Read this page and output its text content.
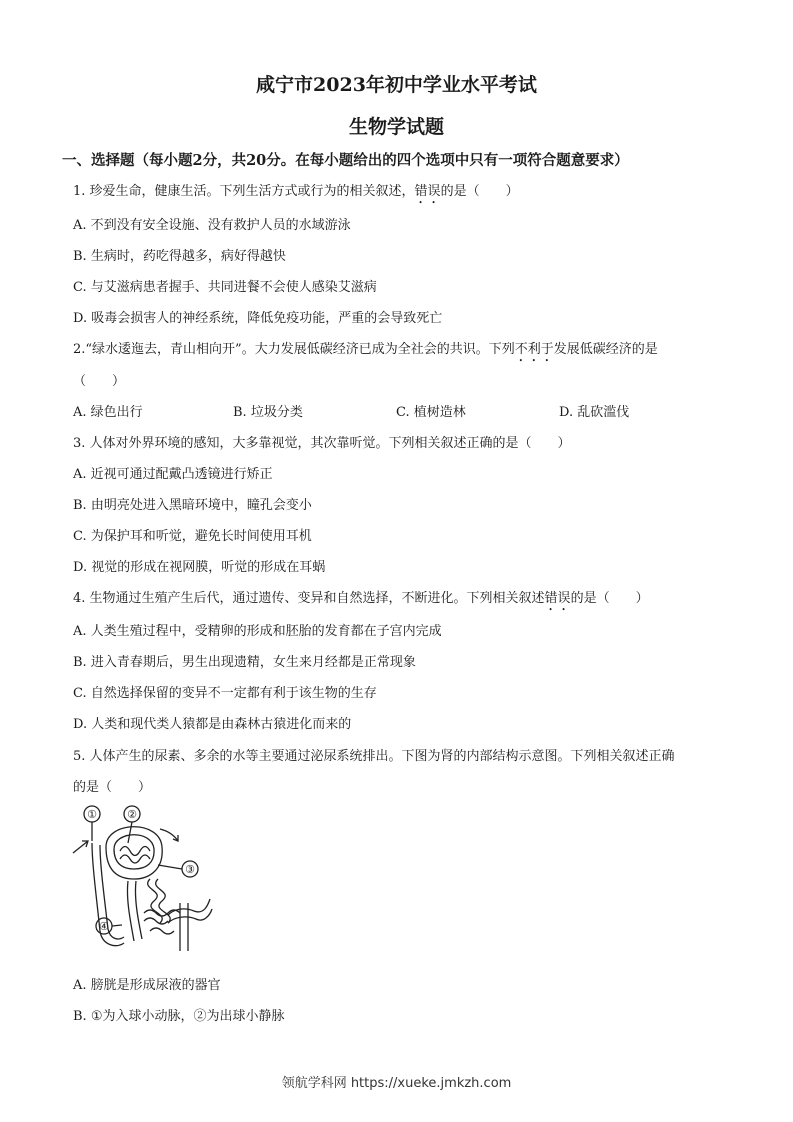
咸宁市2023年初中学业水平考试
生物学试题
一、选择题（每小题2分，共20分。在每小题给出的四个选项中只有一项符合题意要求）
1. 珍爱生命，健康生活。下列生活方式或行为的相关叙述，错误的是（　　）
A. 不到没有安全设施、没有救护人员的水域游泳
B. 生病时，药吃得越多，病好得越快
C. 与艾滋病患者握手、共同进餐不会使人感染艾滋病
D. 吸毒会损害人的神经系统，降低免疫功能，严重的会导致死亡
2.“绿水逶迤去，青山相向开”。大力发展低碳经济已成为全社会的共识。下列不利于发展低碳经济的是
（　　）
A. 绿色出行	B. 垃圾分类	C. 植树造林	D. 乱砍滥伐
3. 人体对外界环境的感知，大多靠视觉，其次靠听觉。下列相关叙述正确的是（　　）
A. 近视可通过配戴凸透镜进行矫正
B. 由明亮处进入黑暗环境中，瞳孔会变小
C. 为保护耳和听觉，避免长时间使用耳机
D. 视觉的形成在视网膜，听觉的形成在耳蜗
4. 生物通过生殖产生后代，通过遗传、变异和自然选择，不断进化。下列相关叙述错误的是（　　）
A. 人类生殖过程中，受精卵的形成和胚胎的发育都在子宫内完成
B. 进入青春期后，男生出现遗精，女生来月经都是正常现象
C. 自然选择保留的变异不一定都有利于该生物的生存
D. 人类和现代类人猿都是由森林古猿进化而来的
5. 人体产生的尿素、多余的水等主要通过泌尿系统排出。下图为肾的内部结构示意图。下列相关叙述正确
的是（　　）
①	②
③
④
A. 膀胱是形成尿液的器官
B. ①为入球小动脉，②为出球小静脉
领航学科网 https://xueke.jmkzh.com
